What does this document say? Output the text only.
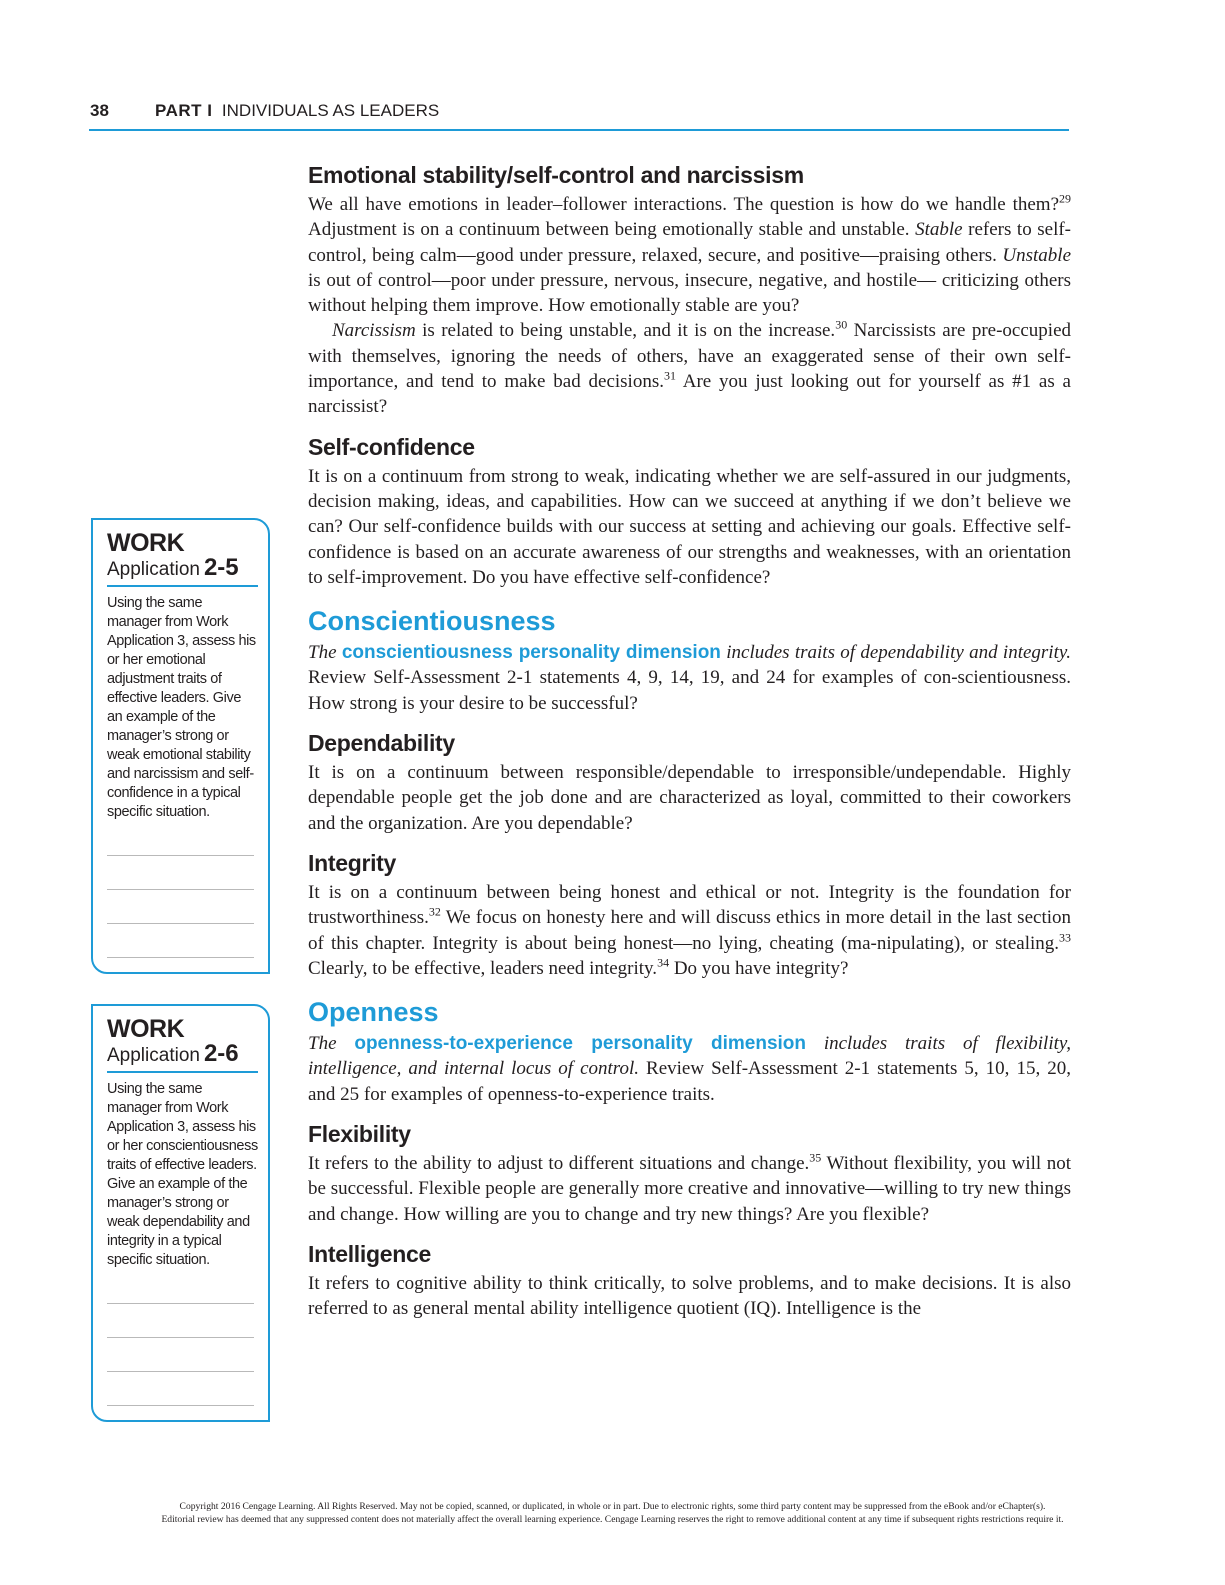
38	PART I INDIVIDUALS AS LEADERS
Emotional stability/self-control and narcissism

We all have emotions in leader–follower interactions. The question is how do we handle them?$^{29}$ Adjustment is on a continuum between being emotionally stable and unstable. Stable refers to self-control, being calm—good under pressure, relaxed, secure, and positive—praising others. Unstable is out of control—poor under pressure, nervous, insecure, negative, and hostile— criticizing others without helping them improve. How emotionally stable are you?

Narcissism is related to being unstable, and it is on the increase.$^{30}$ Narcissists are pre-occupied with themselves, ignoring the needs of others, have an exaggerated sense of their own self-importance, and tend to make bad decisions.$^{31}$ Are you just looking out for yourself as #1 as a narcissist?

Self-confidence

It is on a continuum from strong to weak, indicating whether we are self-assured in our judgments, decision making, ideas, and capabilities. How can we succeed at anything if we don’t believe we can? Our self-confidence builds with our success at setting and achieving our goals. Effective self-confidence is based on an accurate awareness of our strengths and weaknesses, with an orientation to self-improvement. Do you have effective self-confidence?

Conscientiousness

The conscientiousness personality dimension includes traits of dependability and integrity. Review Self-Assessment 2-1 statements 4, 9, 14, 19, and 24 for examples of con-scientiousness. How strong is your desire to be successful?

Dependability

It is on a continuum between responsible/dependable to irresponsible/undependable. Highly dependable people get the job done and are characterized as loyal, committed to their coworkers and the organization. Are you dependable?

Integrity

It is on a continuum between being honest and ethical or not. Integrity is the foundation for trustworthiness.$^{32}$ We focus on honesty here and will discuss ethics in more detail in the last section of this chapter. Integrity is about being honest—no lying, cheating (ma-nipulating), or stealing.$^{33}$ Clearly, to be effective, leaders need integrity.$^{34}$ Do you have integrity?

Openness

The openness-to-experience personality dimension includes traits of flexibility, intelligence, and internal locus of control. Review Self-Assessment 2-1 statements 5, 10, 15, 20, and 25 for examples of openness-to-experience traits.

Flexibility

It refers to the ability to adjust to different situations and change.$^{35}$ Without flexibility, you will not be successful. Flexible people are generally more creative and innovative—willing to try new things and change. How willing are you to change and try new things? Are you flexible?

Intelligence

It refers to cognitive ability to think critically, to solve problems, and to make decisions. It is also referred to as general mental ability intelligence quotient (IQ). Intelligence is the

WORK
Application 2-5
Using the same manager from Work Application 3, assess his or her emotional adjustment traits of effective leaders. Give an example of the manager’s strong or weak emotional stability and narcissism and self-confidence in a typical specific situation.
WORK
Application 2-6
Using the same manager from Work Application 3, assess his or her conscientiousness traits of effective leaders. Give an example of the manager’s strong or weak dependability and integrity in a typical specific situation.
Copyright 2016 Cengage Learning. All Rights Reserved. May not be copied, scanned, or duplicated, in whole or in part. Due to electronic rights, some third party content may be suppressed from the eBook and/or eChapter(s).
Editorial review has deemed that any suppressed content does not materially affect the overall learning experience. Cengage Learning reserves the right to remove additional content at any time if subsequent rights restrictions require it.
